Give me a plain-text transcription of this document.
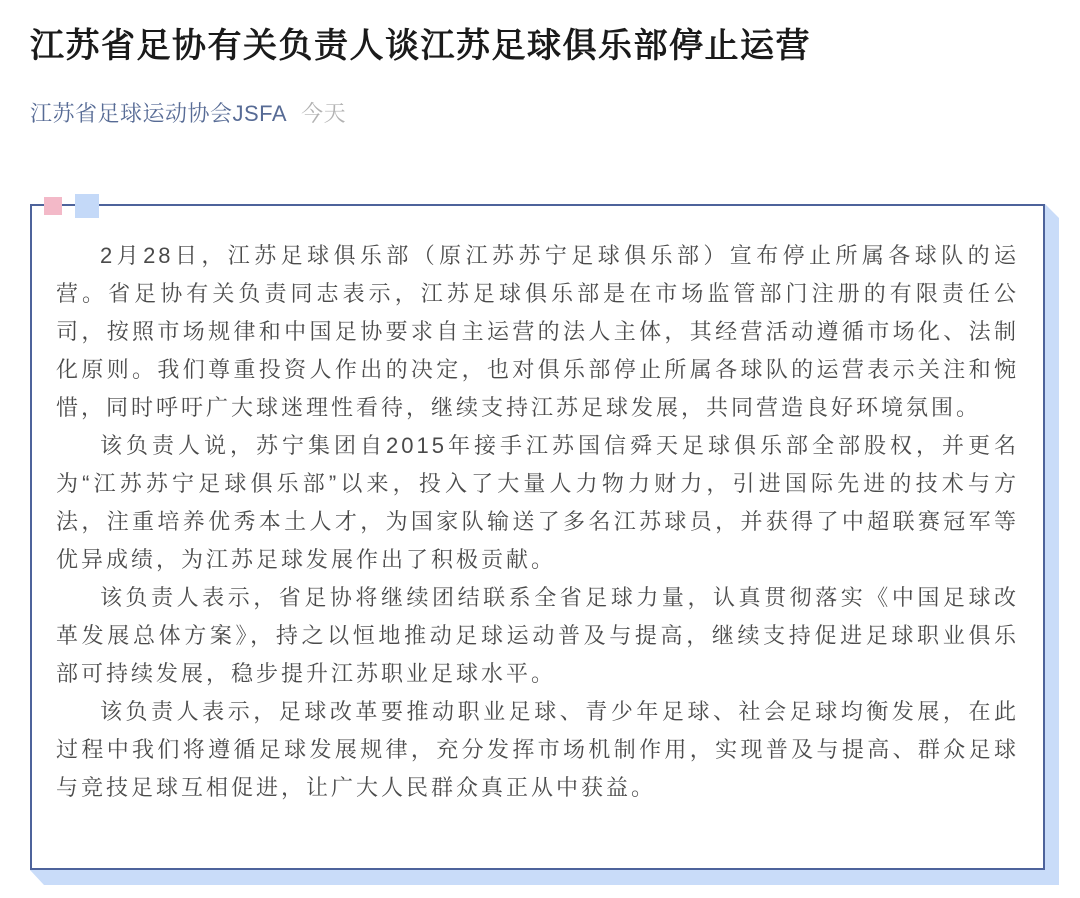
江苏省足协有关负责人谈江苏足球俱乐部停止运营
江苏省足球运动协会JSFA 今天

2月28日，江苏足球俱乐部（原江苏苏宁足球俱乐部）宣布停止所属各球队的运营。省足协有关负责同志表示，江苏足球俱乐部是在市场监管部门注册的有限责任公司，按照市场规律和中国足协要求自主运营的法人主体，其经营活动遵循市场化、法制化原则。我们尊重投资人作出的决定，也对俱乐部停止所属各球队的运营表示关注和惋惜，同时呼吁广大球迷理性看待，继续支持江苏足球发展，共同营造良好环境氛围。

该负责人说，苏宁集团自2015年接手江苏国信舜天足球俱乐部全部股权，并更名为“江苏苏宁足球俱乐部”以来，投入了大量人力物力财力，引进国际先进的技术与方法，注重培养优秀本土人才，为国家队输送了多名江苏球员，并获得了中超联赛冠军等优异成绩，为江苏足球发展作出了积极贡献。

该负责人表示，省足协将继续团结联系全省足球力量，认真贯彻落实《中国足球改革发展总体方案》，持之以恒地推动足球运动普及与提高，继续支持促进足球职业俱乐部可持续发展，稳步提升江苏职业足球水平。

该负责人表示，足球改革要推动职业足球、青少年足球、社会足球均衡发展，在此过程中我们将遵循足球发展规律，充分发挥市场机制作用，实现普及与提高、群众足球与竞技足球互相促进，让广大人民群众真正从中获益。
